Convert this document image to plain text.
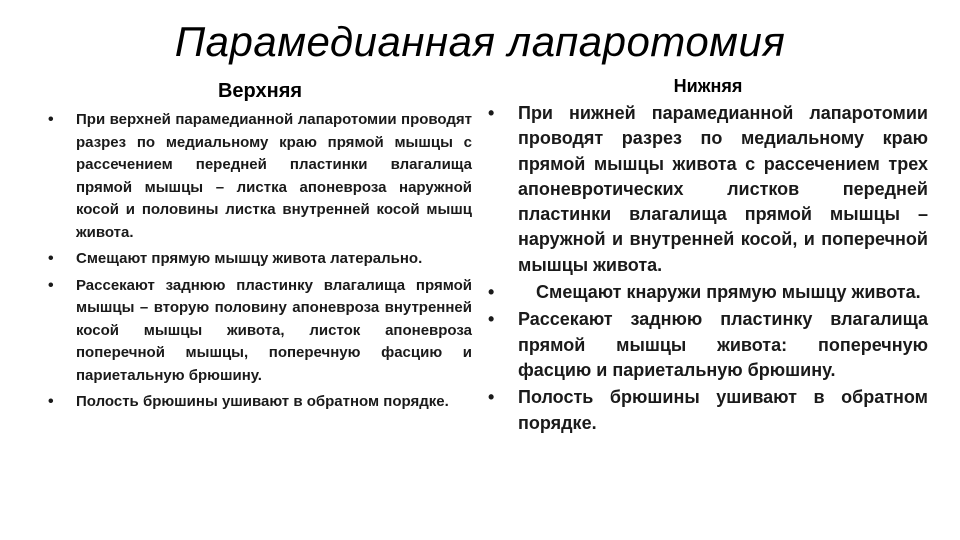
Парамедианная лапаротомия
Верхняя
• При верхней парамедианной лапаротомии проводят разрез по медиальному краю прямой мышцы с рассечением передней пластинки влагалища прямой мышцы – листка апоневроза наружной косой и половины листка внутренней косой мышц живота.
• Смещают прямую мышцу живота латерально.
• Рассекают заднюю пластинку влагалища прямой мышцы – вторую половину апоневроза внутренней косой мышцы живота, листок апоневроза поперечной мышцы, поперечную фасцию и париетальную брюшину.
• Полость брюшины ушивают в обратном порядке.
Нижняя
• При нижней парамедианной лапаротомии проводят разрез по медиальному краю прямой мышцы живота с рассечением трех апоневротических листков передней пластинки влагалища прямой мышцы – наружной и внутренней косой, и поперечной мышцы живота.
•	Смещают кнаружи прямую мышцу живота.
• Рассекают заднюю пластинку влагалища прямой мышцы живота: поперечную фасцию и париетальную брюшину.
• Полость брюшины ушивают в обратном порядке.
